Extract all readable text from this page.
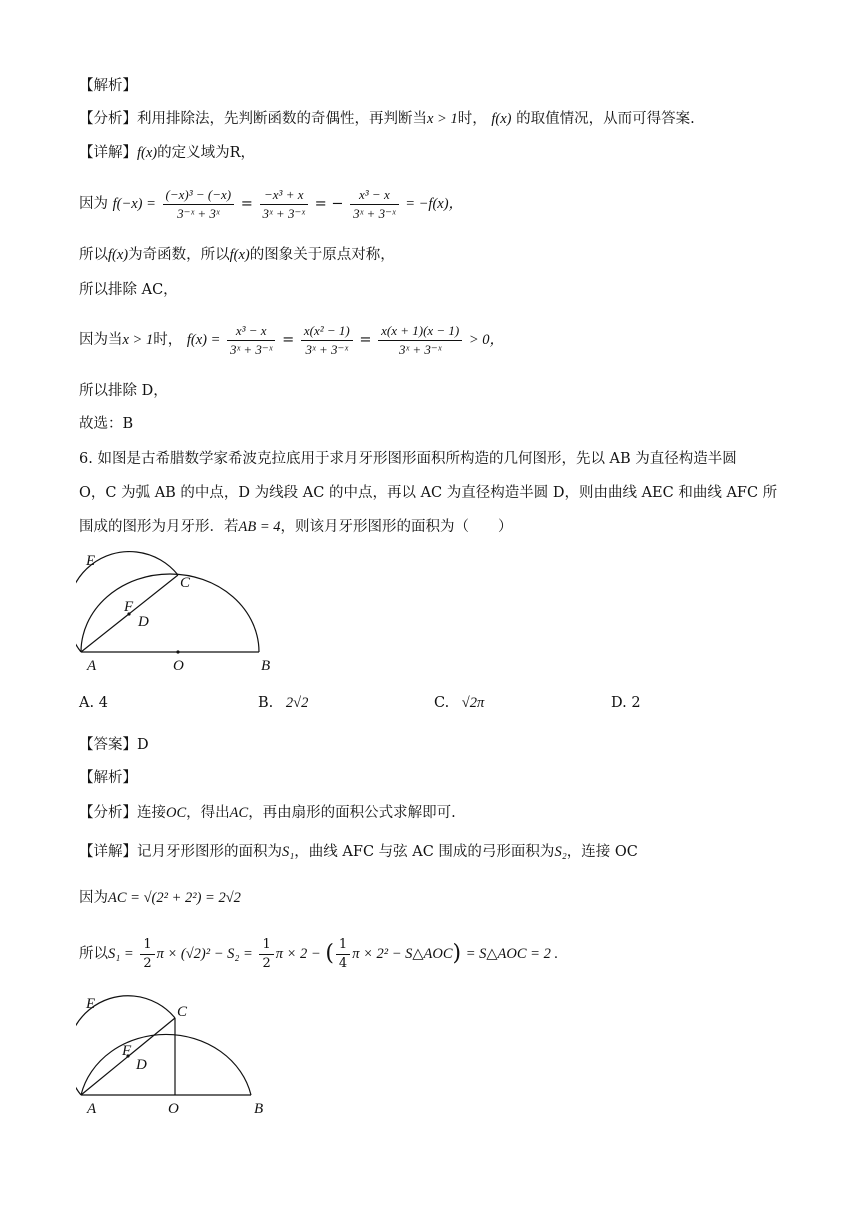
【解析】
【分析】利用排除法，先判断函数的奇偶性，再判断当x > 1时， f(x) 的取值情况，从而可得答案.
【详解】f(x)的定义域为R，
因为 $f(-x) = \frac{\text{(−x)³ − (−x)}}{\text{3⁻ˣ + 3ˣ}} = \frac{\text{−x³ + x}}{\text{3ˣ + 3⁻ˣ}}$ = − $\frac{\text{x³ − x}}{\text{3ˣ + 3⁻ˣ}} = -f(x)$，
所以f(x)为奇函数，所以f(x)的图象关于原点对称，
所以排除 AC，
因为当x > 1时， $f(x) = \frac{\text{x³ − x}}{\text{3ˣ + 3⁻ˣ}} = \frac{\text{x(x² − 1)}}{\text{3ˣ + 3⁻ˣ}} = \frac{x(x + 1)(x - 1)}{\text{3ˣ + 3⁻ˣ}} > 0$，
所以排除 D，
故选：B
6. 如图是古希腊数学家希波克拉底用于求月牙形图形面积所构造的几何图形，先以 AB 为直径构造半圆
O，C 为弧 AB 的中点，D 为线段 AC 的中点，再以 AC 为直径构造半圆 D，则由曲线 AEC 和曲线 AFC 所
围成的图形为月牙形．若AB = 4，则该月牙形图形的面积为（　　）
E
C
F
D
A	O	B
A. 4	B. 2√2	C. √2π	D. 2
【答案】D
【解析】
【分析】连接OC，得出AC，再由扇形的面积公式求解即可.
【详解】记月牙形图形的面积为S₁，曲线 AFC 与弦 AC 围成的弓形面积为S₂，连接 OC
因为AC = √(2² + 2²) = 2√2
所以$S_1 = \frac{1}{2}$ $\pi \times (√2)^2 - S_2 = \frac{1}{2}$ π × 2 − ( $\frac{1}{4}$ π × 2² − S△AOC) = S△AOC = 2 .
E	C
F
D
A	O	B
